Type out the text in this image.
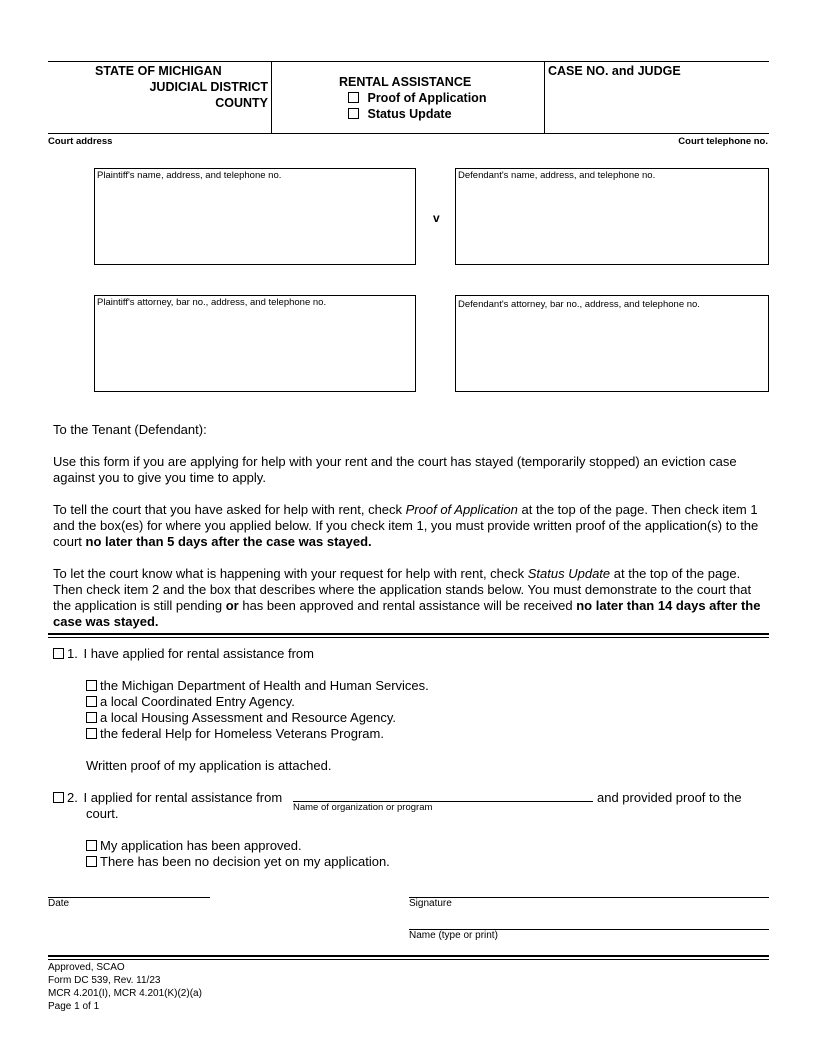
STATE OF MICHIGAN
JUDICIAL DISTRICT
COUNTY
RENTAL ASSISTANCE
Proof of Application
Status Update
CASE NO. and JUDGE
Court address	Court telephone no.
Plaintiff's name, address, and telephone no.
v
Defendant's name, address, and telephone no.
Plaintiff's attorney, bar no., address, and telephone no.	Defendant's attorney, bar no., address, and telephone no.
To the Tenant (Defendant):
Use this form if you are applying for help with your rent and the court has stayed (temporarily stopped) an eviction case against you to give you time to apply.
To tell the court that you have asked for help with rent, check Proof of Application at the top of the page. Then check item 1 and the box(es) for where you applied below. If you check item 1, you must provide written proof of the application(s) to the court no later than 5 days after the case was stayed.
To let the court know what is happening with your request for help with rent, check Status Update at the top of the page. Then check item 2 and the box that describes where the application stands below. You must demonstrate to the court that the application is still pending or has been approved and rental assistance will be received no later than 14 days after the case was stayed.
1. I have applied for rental assistance from
the Michigan Department of Health and Human Services.
a local Coordinated Entry Agency.
a local Housing Assessment and Resource Agency.
the federal Help for Homeless Veterans Program.
Written proof of my application is attached.
2. I applied for rental assistance from
Name of organization or program
and provided proof to the
court.
My application has been approved.
There has been no decision yet on my application.
Date	Signature
Name (type or print)
Approved, SCAO
Form DC 539, Rev. 11/23
MCR 4.201(I), MCR 4.201(K)(2)(a)
Page 1 of 1
